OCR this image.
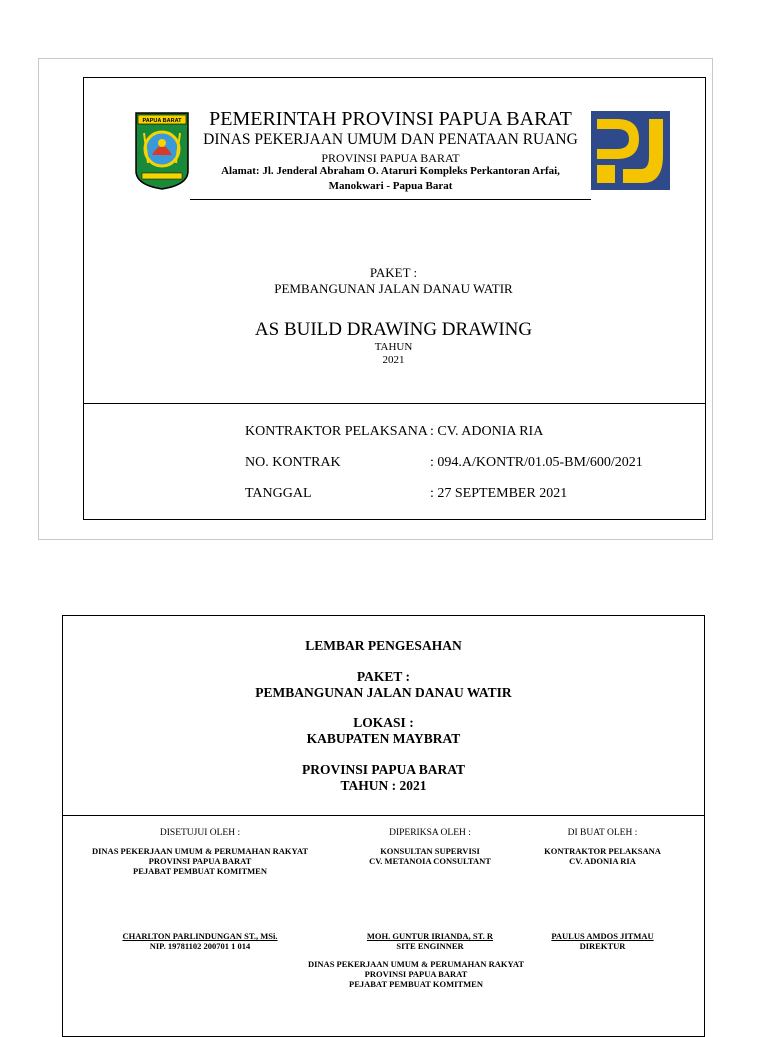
PAPUA BARAT	PEMERINTAH PROVINSI PAPUA BARAT
DINAS PEKERJAAN UMUM DAN PENATAAN RUANG
PROVINSI PAPUA BARAT
Alamat: Jl. Jenderal Abraham O. Ataruri Kompleks Perkantoran Arfai,
Manokwari - Papua Barat
PAKET :
PEMBANGUNAN JALAN DANAU WATIR
AS BUILD DRAWING DRAWING
TAHUN
2021
KONTRAKTOR PELAKSANA : CV. ADONIA RIA
NO. KONTRAK	: 094.A/KONTR/01.05-BM/600/2021
TANGGAL	: 27 SEPTEMBER 2021
LEMBAR PENGESAHAN
PAKET :
PEMBANGUNAN JALAN DANAU WATIR
LOKASI :
KABUPATEN MAYBRAT
PROVINSI PAPUA BARAT
TAHUN : 2021
DISETUJUI OLEH :
DINAS PEKERJAAN UMUM & PERUMAHAN RAKYAT
PROVINSI PAPUA BARAT
PEJABAT PEMBUAT KOMITMEN
CHARLTON PARLINDUNGAN ST., MSi.
NIP. 19781102 200701 1 014
DIPERIKSA OLEH :
KONSULTAN SUPERVISI
CV. METANOIA CONSULTANT
MOH. GUNTUR IRIANDA, ST. R
SITE ENGINNER
DI BUAT OLEH :
KONTRAKTOR PELAKSANA
CV. ADONIA RIA
PAULUS AMDOS JITMAU
DIREKTUR
DINAS PEKERJAAN UMUM & PERUMAHAN RAKYAT
PROVINSI PAPUA BARAT
PEJABAT PEMBUAT KOMITMEN
